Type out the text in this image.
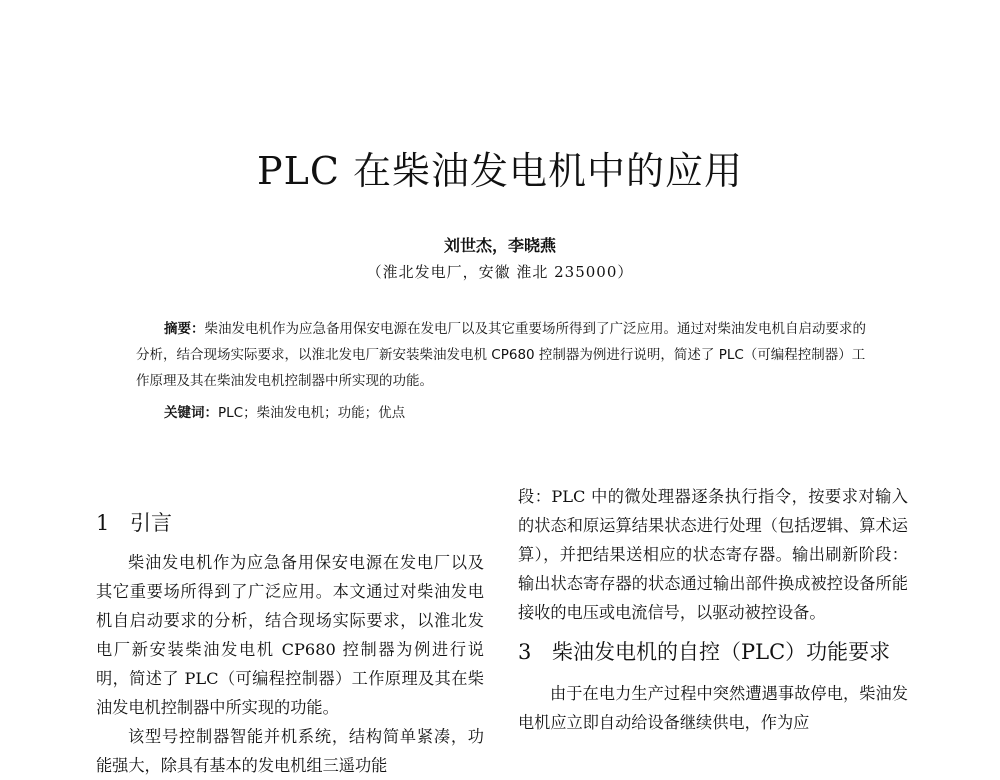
PLC 在柴油发电机中的应用
刘世杰，李晓燕
（淮北发电厂，安徽 淮北 235000）

摘要：柴油发电机作为应急备用保安电源在发电厂以及其它重要场所得到了广泛应用。通过对柴油发电机自启动要求的分析，结合现场实际要求，以淮北发电厂新安装柴油发电机 CP680 控制器为例进行说明，简述了 PLC（可编程控制器）工作原理及其在柴油发电机控制器中所实现的功能。

关键词：PLC；柴油发电机；功能；优点
1 引言

柴油发电机作为应急备用保安电源在发电厂以及其它重要场所得到了广泛应用。本文通过对柴油发电机自启动要求的分析，结合现场实际要求，以淮北发电厂新安装柴油发电机 CP680 控制器为例进行说明，简述了 PLC（可编程控制器）工作原理及其在柴油发电机控制器中所实现的功能。

该型号控制器智能并机系统，结构简单紧凑，功能强大，除具有基本的发电机组三遥功能

段：PLC 中的微处理器逐条执行指令，按要求对输入的状态和原运算结果状态进行处理（包括逻辑、算术运算），并把结果送相应的状态寄存器。输出刷新阶段：输出状态寄存器的状态通过输出部件换成被控设备所能接收的电压或电流信号，以驱动被控设备。

3 柴油发电机的自控（PLC）功能要求

由于在电力生产过程中突然遭遇事故停电，柴油发电机应立即自动给设备继续供电，作为应
